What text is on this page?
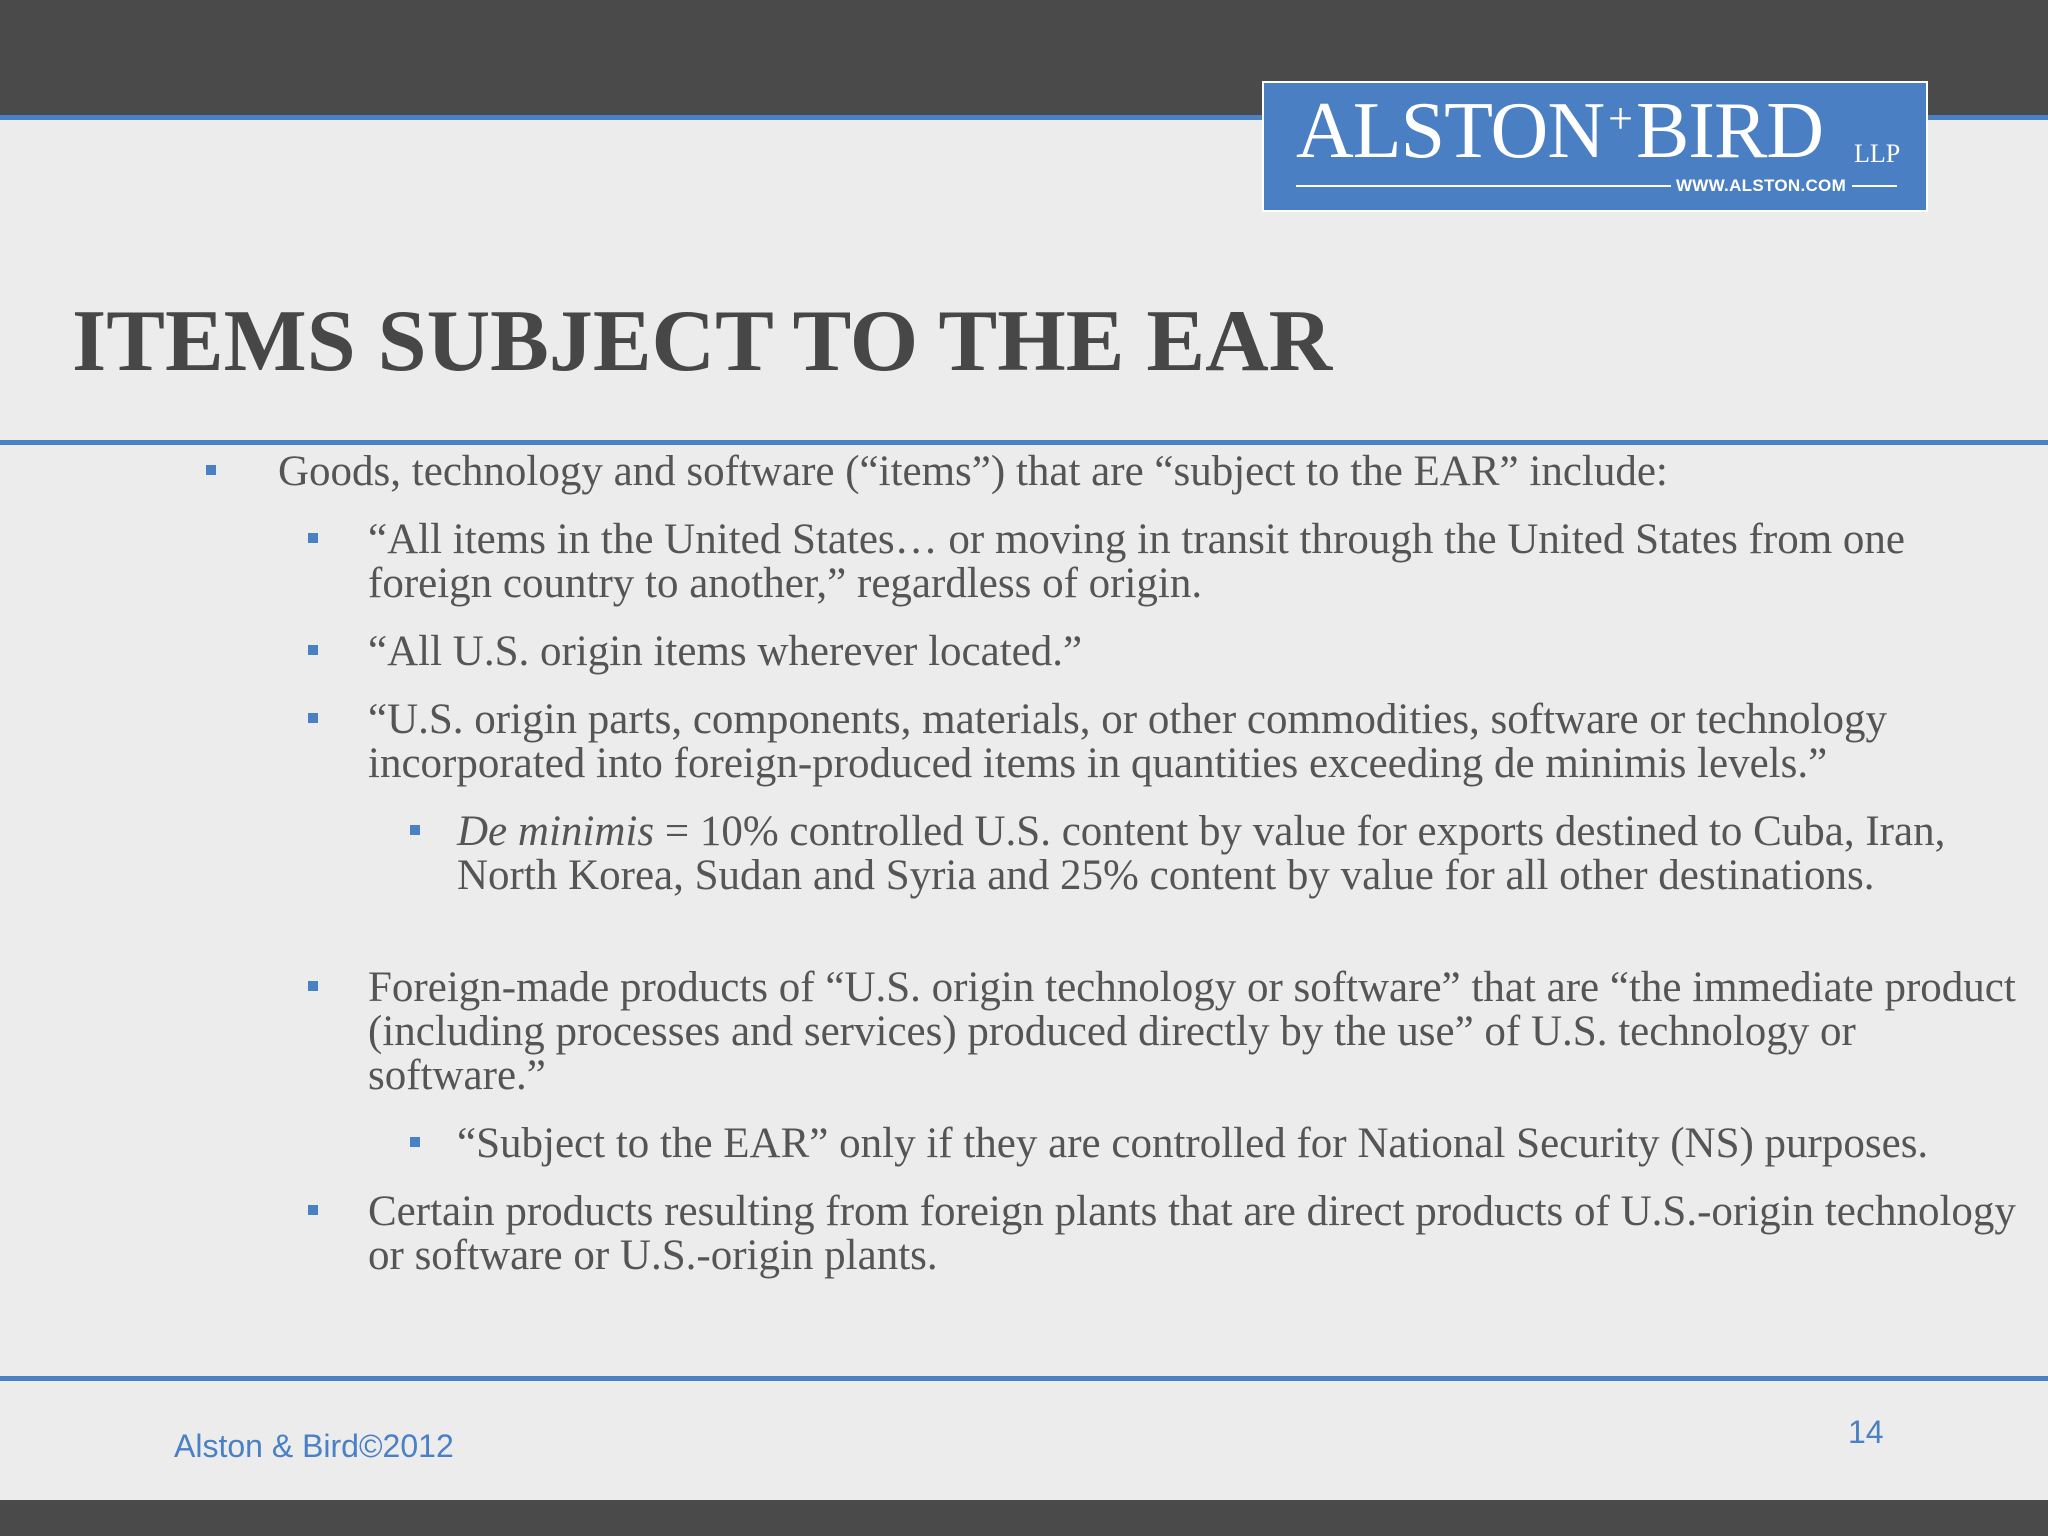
ALSTON+BIRD LLP
WWW.ALSTON.COM
ITEMS SUBJECT TO THE EAR
Goods, technology and software (“items”) that are “subject to the EAR” include:
“All items in the United States… or moving in transit through the United States from one foreign country to another,” regardless of origin.
“All U.S. origin items wherever located.”
“U.S. origin parts, components, materials, or other commodities, software or technology incorporated into foreign-produced items in quantities exceeding de minimis levels.”
De minimis = 10% controlled U.S. content by value for exports destined to Cuba, Iran, North Korea, Sudan and Syria and 25% content by value for all other destinations.
Foreign-made products of “U.S. origin technology or software” that are “the immediate product (including processes and services) produced directly by the use” of U.S. technology or software.”
“Subject to the EAR” only if they are controlled for National Security (NS) purposes.
Certain products resulting from foreign plants that are direct products of U.S.-origin technology or software or U.S.-origin plants.
Alston & Bird©2012	14
